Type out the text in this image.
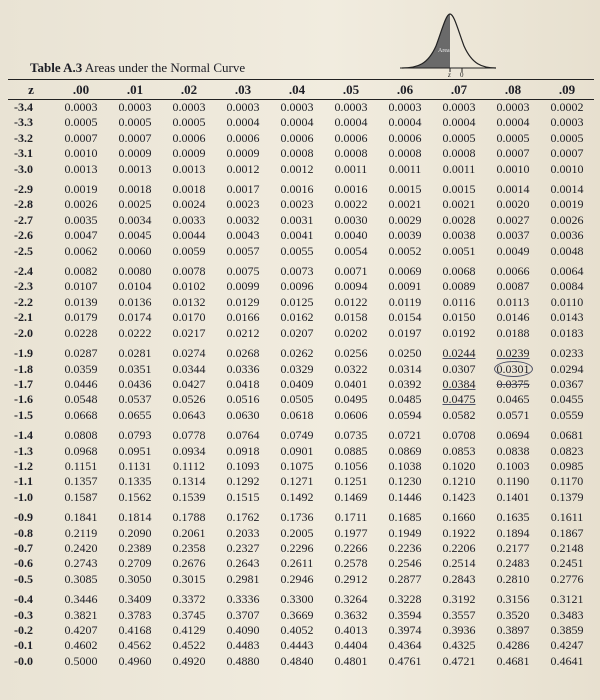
Area
z 0
Table A.3 Areas under the Normal Curve
z	.00	.01	.02	.03	.04	.05	.06	.07	.08	.09
-3.4	0.0003	0.0003	0.0003	0.0003	0.0003	0.0003	0.0003	0.0003	0.0003	0.0002
-3.3	0.0005	0.0005	0.0005	0.0004	0.0004	0.0004	0.0004	0.0004	0.0004	0.0003
-3.2	0.0007	0.0007	0.0006	0.0006	0.0006	0.0006	0.0006	0.0005	0.0005	0.0005
-3.1	0.0010	0.0009	0.0009	0.0009	0.0008	0.0008	0.0008	0.0008	0.0007	0.0007
-3.0	0.0013	0.0013	0.0013	0.0012	0.0012	0.0011	0.0011	0.0011	0.0010	0.0010
-2.9	0.0019	0.0018	0.0018	0.0017	0.0016	0.0016	0.0015	0.0015	0.0014	0.0014
-2.8	0.0026	0.0025	0.0024	0.0023	0.0023	0.0022	0.0021	0.0021	0.0020	0.0019
-2.7	0.0035	0.0034	0.0033	0.0032	0.0031	0.0030	0.0029	0.0028	0.0027	0.0026
-2.6	0.0047	0.0045	0.0044	0.0043	0.0041	0.0040	0.0039	0.0038	0.0037	0.0036
-2.5	0.0062	0.0060	0.0059	0.0057	0.0055	0.0054	0.0052	0.0051	0.0049	0.0048
-2.4	0.0082	0.0080	0.0078	0.0075	0.0073	0.0071	0.0069	0.0068	0.0066	0.0064
-2.3	0.0107	0.0104	0.0102	0.0099	0.0096	0.0094	0.0091	0.0089	0.0087	0.0084
-2.2	0.0139	0.0136	0.0132	0.0129	0.0125	0.0122	0.0119	0.0116	0.0113	0.0110
-2.1	0.0179	0.0174	0.0170	0.0166	0.0162	0.0158	0.0154	0.0150	0.0146	0.0143
-2.0	0.0228	0.0222	0.0217	0.0212	0.0207	0.0202	0.0197	0.0192	0.0188	0.0183
-1.9	0.0287	0.0281	0.0274	0.0268	0.0262	0.0256	0.0250	0.0244	0.0239	0.0233
-1.8	0.0359	0.0351	0.0344	0.0336	0.0329	0.0322	0.0314	0.0307	0.0301	0.0294
-1.7	0.0446	0.0436	0.0427	0.0418	0.0409	0.0401	0.0392	0.0384	0.0375	0.0367
-1.6	0.0548	0.0537	0.0526	0.0516	0.0505	0.0495	0.0485	0.0475	0.0465	0.0455
-1.5	0.0668	0.0655	0.0643	0.0630	0.0618	0.0606	0.0594	0.0582	0.0571	0.0559
-1.4	0.0808	0.0793	0.0778	0.0764	0.0749	0.0735	0.0721	0.0708	0.0694	0.0681
-1.3	0.0968	0.0951	0.0934	0.0918	0.0901	0.0885	0.0869	0.0853	0.0838	0.0823
-1.2	0.1151	0.1131	0.1112	0.1093	0.1075	0.1056	0.1038	0.1020	0.1003	0.0985
-1.1	0.1357	0.1335	0.1314	0.1292	0.1271	0.1251	0.1230	0.1210	0.1190	0.1170
-1.0	0.1587	0.1562	0.1539	0.1515	0.1492	0.1469	0.1446	0.1423	0.1401	0.1379
-0.9	0.1841	0.1814	0.1788	0.1762	0.1736	0.1711	0.1685	0.1660	0.1635	0.1611
-0.8	0.2119	0.2090	0.2061	0.2033	0.2005	0.1977	0.1949	0.1922	0.1894	0.1867
-0.7	0.2420	0.2389	0.2358	0.2327	0.2296	0.2266	0.2236	0.2206	0.2177	0.2148
-0.6	0.2743	0.2709	0.2676	0.2643	0.2611	0.2578	0.2546	0.2514	0.2483	0.2451
-0.5	0.3085	0.3050	0.3015	0.2981	0.2946	0.2912	0.2877	0.2843	0.2810	0.2776
-0.4	0.3446	0.3409	0.3372	0.3336	0.3300	0.3264	0.3228	0.3192	0.3156	0.3121
-0.3	0.3821	0.3783	0.3745	0.3707	0.3669	0.3632	0.3594	0.3557	0.3520	0.3483
-0.2	0.4207	0.4168	0.4129	0.4090	0.4052	0.4013	0.3974	0.3936	0.3897	0.3859
-0.1	0.4602	0.4562	0.4522	0.4483	0.4443	0.4404	0.4364	0.4325	0.4286	0.4247
-0.0	0.5000	0.4960	0.4920	0.4880	0.4840	0.4801	0.4761	0.4721	0.4681	0.4641
